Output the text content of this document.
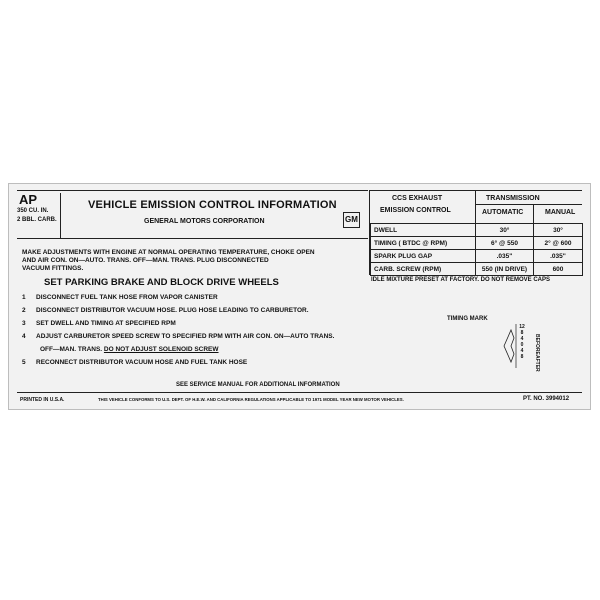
AP
350 CU. IN.
2 BBL. CARB.
VEHICLE EMISSION CONTROL INFORMATION
GENERAL MOTORS CORPORATION	GM
CCS EXHAUST
EMISSION CONTROL
TRANSMISSION
AUTOMATIC	MANUAL
DWELL	30°	30°
TIMING ( BTDC @ RPM)	6° @ 550	2° @ 600
SPARK PLUG GAP	.035"	.035"
CARB. SCREW (RPM)	550 (IN DRIVE)	600
IDLE MIXTURE PRESET AT FACTORY. DO NOT REMOVE CAPS
MAKE ADJUSTMENTS WITH ENGINE AT NORMAL OPERATING TEMPERATURE, CHOKE OPEN
AND AIR CON. ON—AUTO. TRANS. OFF—MAN. TRANS. PLUG DISCONNECTED
VACUUM FITTINGS.
SET PARKING BRAKE AND BLOCK DRIVE WHEELS
1 DISCONNECT FUEL TANK HOSE FROM VAPOR CANISTER
2 DISCONNECT DISTRIBUTOR VACUUM HOSE. PLUG HOSE LEADING TO CARBURETOR.
3 SET DWELL AND TIMING AT SPECIFIED RPM
4 ADJUST CARBURETOR SPEED SCREW TO SPECIFIED RPM WITH AIR CON. ON—AUTO TRANS.
OFF—MAN. TRANS. DO NOT ADJUST SOLENOID SCREW
5 RECONNECT DISTRIBUTOR VACUUM HOSE AND FUEL TANK HOSE
TIMING MARK
12
8
4
0
4
8
BEFORE
AFTER
SEE SERVICE MANUAL FOR ADDITIONAL INFORMATION
PRINTED IN U.S.A.	THIS VEHICLE CONFORMS TO U.S. DEPT. OF H.E.W. AND CALIFORNIA REGULATIONS APPLICABLE TO 1971 MODEL YEAR NEW MOTOR VEHICLES.	PT. NO. 3994012
